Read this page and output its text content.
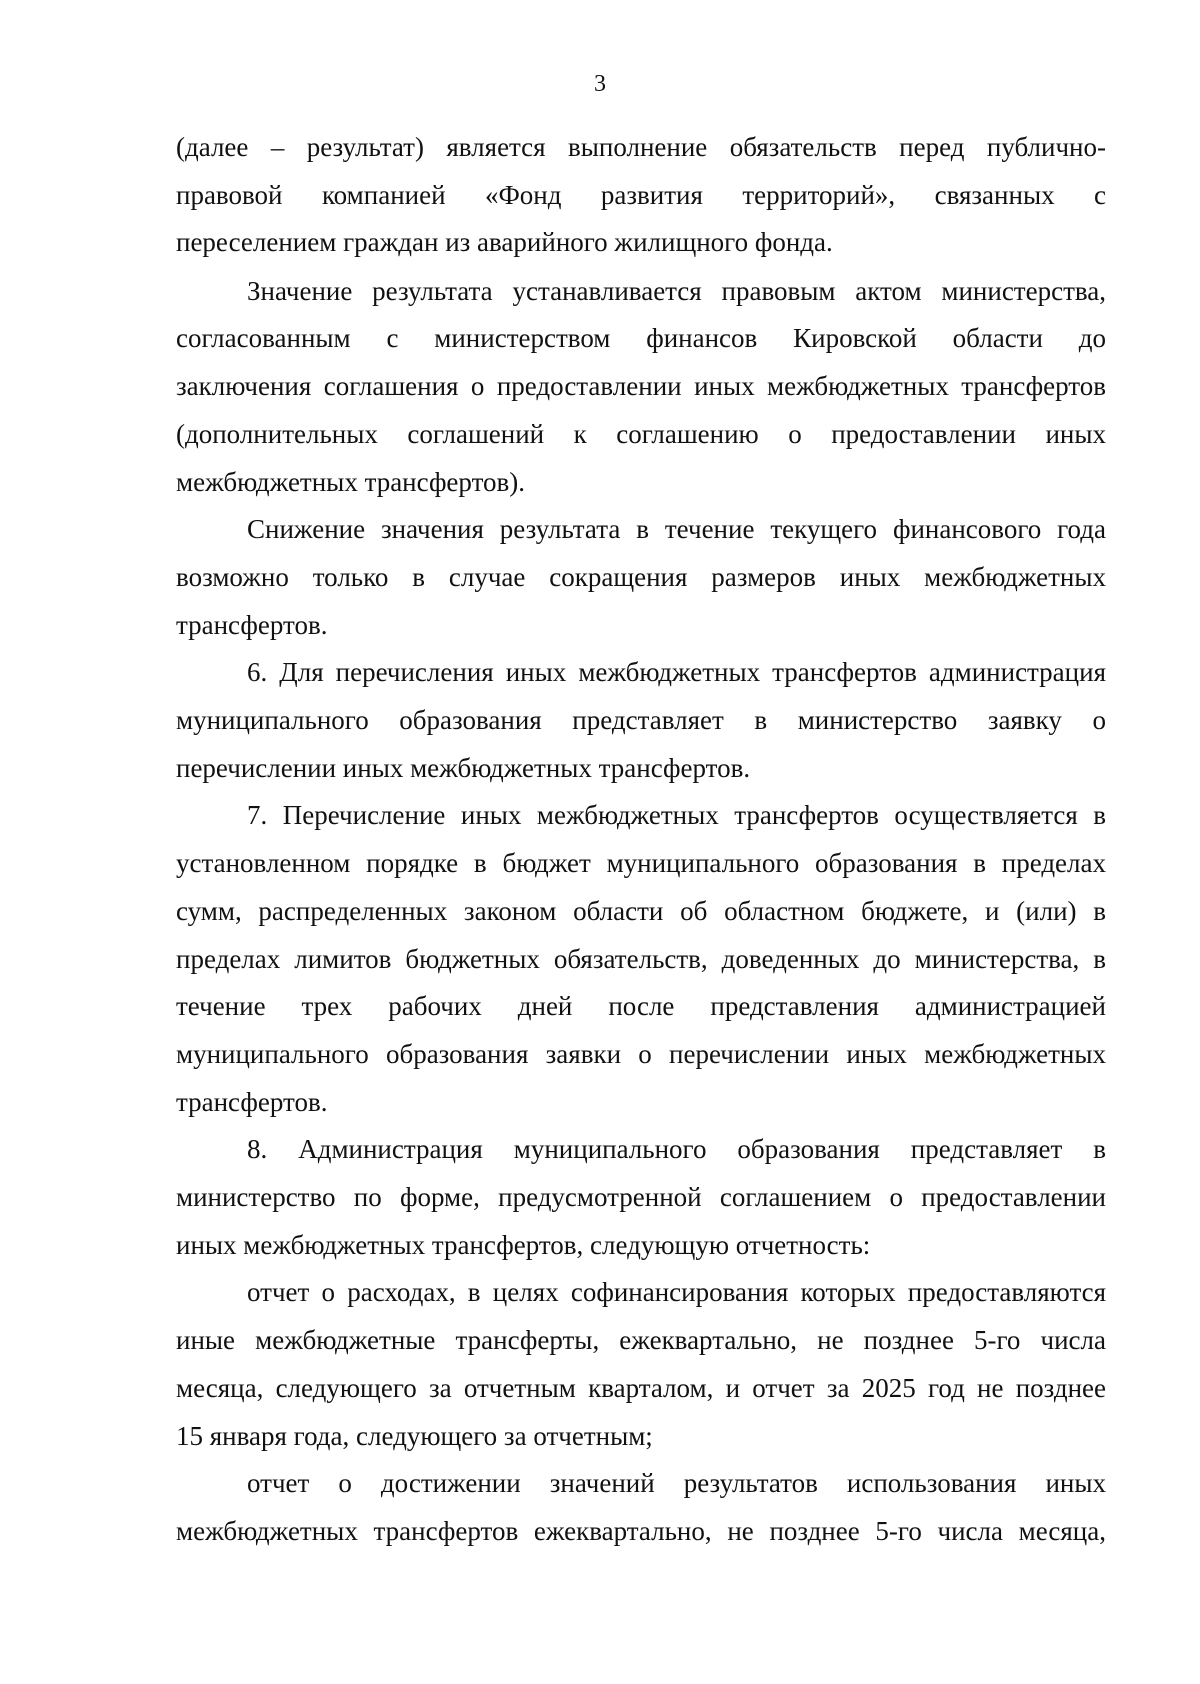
3
(далее – результат) является выполнение обязательств перед публично-
правовой компанией «Фонд развития территорий», связанных с
переселением граждан из аварийного жилищного фонда.
Значение результата устанавливается правовым актом министерства,
согласованным с министерством финансов Кировской области до
заключения соглашения о предоставлении иных межбюджетных трансфертов
(дополнительных соглашений к соглашению о предоставлении иных
межбюджетных трансфертов).
Снижение значения результата в течение текущего финансового года
возможно только в случае сокращения размеров иных межбюджетных
трансфертов.
6. Для перечисления иных межбюджетных трансфертов администрация
муниципального образования представляет в министерство заявку о
перечислении иных межбюджетных трансфертов.
7. Перечисление иных межбюджетных трансфертов осуществляется в
установленном порядке в бюджет муниципального образования в пределах
сумм, распределенных законом области об областном бюджете, и (или) в
пределах лимитов бюджетных обязательств, доведенных до министерства, в
течение трех рабочих дней после представления администрацией
муниципального образования заявки о перечислении иных межбюджетных
трансфертов.
8. Администрация муниципального образования представляет в
министерство по форме, предусмотренной соглашением о предоставлении
иных межбюджетных трансфертов, следующую отчетность:
отчет о расходах, в целях софинансирования которых предоставляются
иные межбюджетные трансферты, ежеквартально, не позднее 5-го числа
месяца, следующего за отчетным кварталом, и отчет за 2025 год не позднее
15 января года, следующего за отчетным;
отчет о достижении значений результатов использования иных
межбюджетных трансфертов ежеквартально, не позднее 5-го числа месяца,
